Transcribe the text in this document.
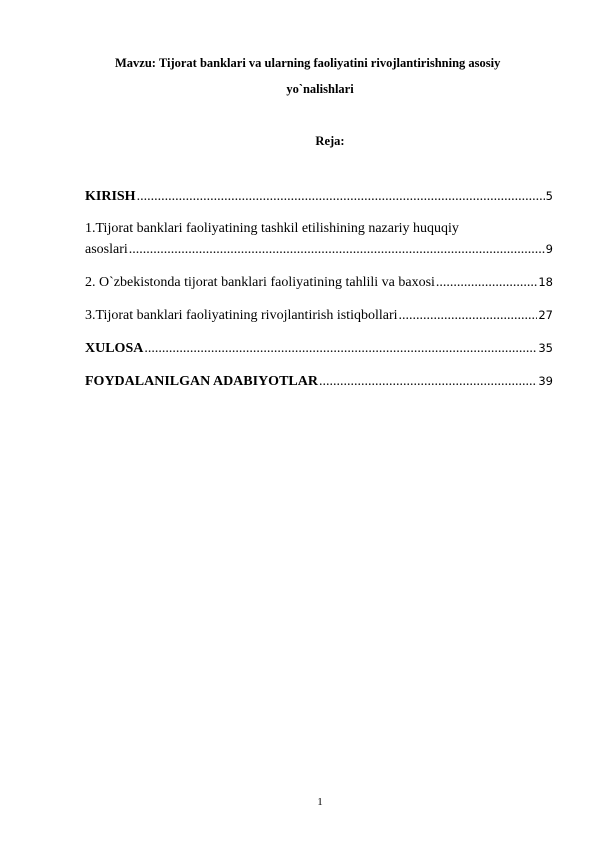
Mavzu: Tijorat banklari va ularning faoliyatini rivojlantirishning asosiy
yo`nalishlari
Reja:
KIRISH .....	5
1.Tijorat banklari faoliyatining tashkil etilishining nazariy huquqiy
asoslari .....	9
2. O`zbekistonda tijorat banklari faoliyatining tahlili va baxosi .....	18
3.Tijorat banklari faoliyatining rivojlantirish istiqbollari .....	27
XULOSA .....	35
FOYDALANILGAN ADABIYOTLAR .....	39
1
